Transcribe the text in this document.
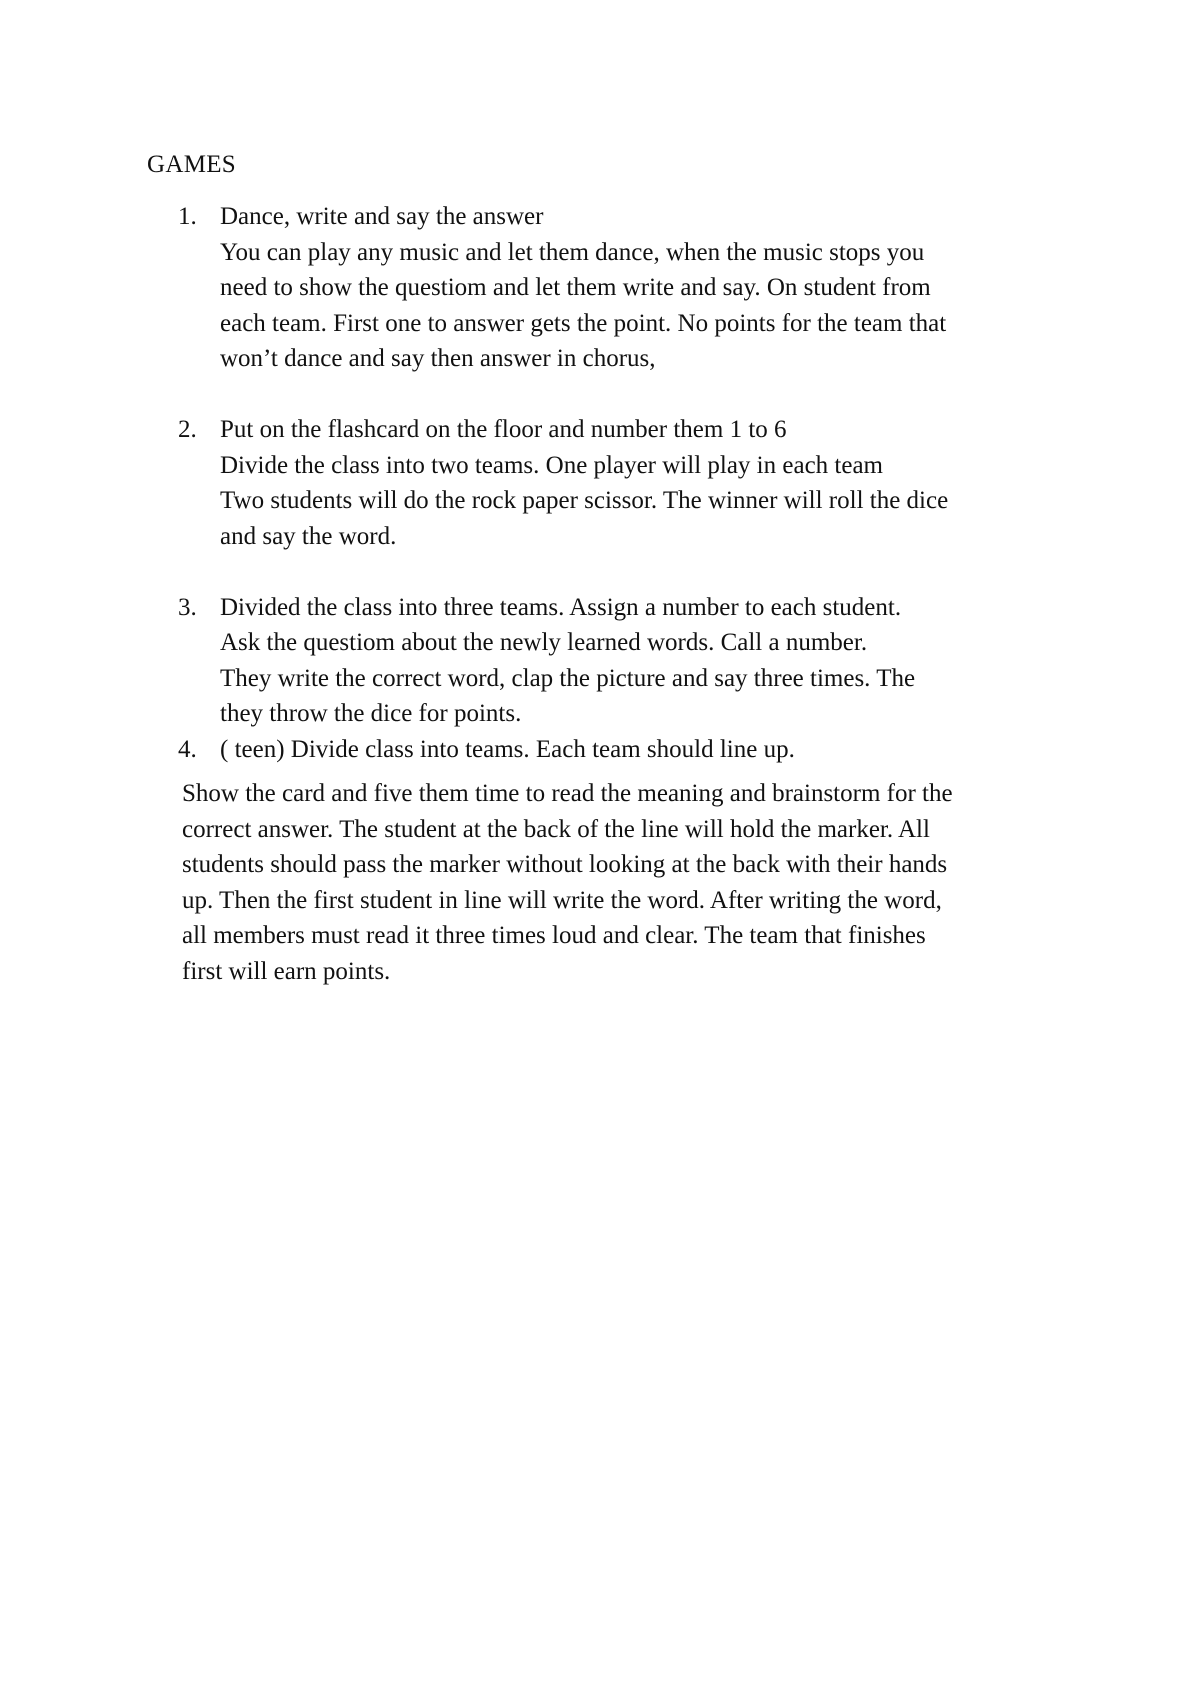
GAMES
1. Dance, write and say the answer
You can play any music and let them dance, when the music stops you
need to show the questiom and let them write and say. On student from
each team. First one to answer gets the point. No points for the team that
won’t dance and say then answer in chorus,
2. Put on the flashcard on the floor and number them 1 to 6
Divide the class into two teams. One player will play in each team
Two students will do the rock paper scissor. The winner will roll the dice
and say the word.
3. Divided the class into three teams. Assign a number to each student.
Ask the questiom about the newly learned words. Call a number.
They write the correct word, clap the picture and say three times. The
they throw the dice for points.
4. ( teen) Divide class into teams. Each team should line up.

Show the card and five them time to read the meaning and brainstorm for the
correct answer. The student at the back of the line will hold the marker. All
students should pass the marker without looking at the back with their hands
up. Then the first student in line will write the word. After writing the word,
all members must read it three times loud and clear. The team that finishes
first will earn points.
